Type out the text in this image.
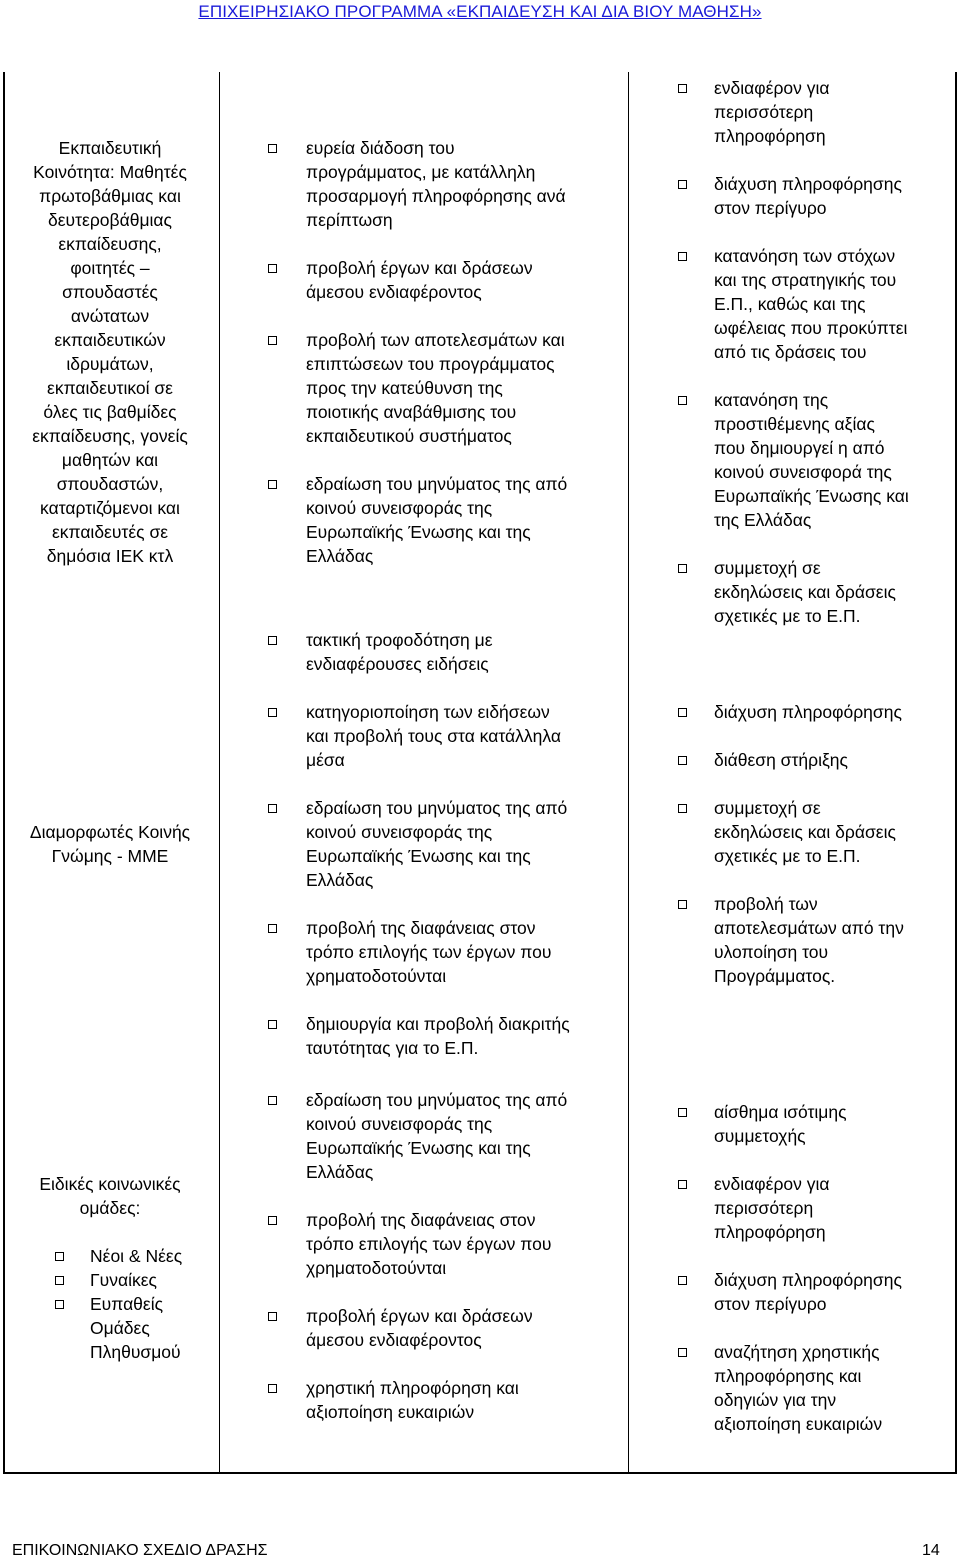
ΕΠΙΧΕΙΡΗΣΙΑΚΟ ΠΡΟΓΡΑΜΜΑ «ΕΚΠΑΙΔΕΥΣΗ ΚΑΙ ΔΙΑ ΒΙΟΥ ΜΑΘΗΣΗ»
Εκπαιδευτική
Κοινότητα: Μαθητές
πρωτοβάθμιας και
δευτεροβάθμιας
εκπαίδευσης,
φοιτητές –
σπουδαστές
ανώτατων
εκπαιδευτικών
ιδρυμάτων,
εκπαιδευτικοί σε
όλες τις βαθμίδες
εκπαίδευσης, γονείς
μαθητών και
σπουδαστών,
καταρτιζόμενοι και
εκπαιδευτές σε
δημόσια ΙΕΚ κτλ
ευρεία διάδοση του
προγράμματος, με κατάλληλη
προσαρμογή πληροφόρησης ανά
περίπτωση
προβολή έργων και δράσεων
άμεσου ενδιαφέροντος
προβολή των αποτελεσμάτων και
επιπτώσεων του προγράμματος
προς την κατεύθυνση της
ποιοτικής αναβάθμισης του
εκπαιδευτικού συστήματος
εδραίωση του μηνύματος της από
κοινού συνεισφοράς της
Ευρωπαϊκής Ένωσης και της
Ελλάδας
τακτική τροφοδότηση με
ενδιαφέρουσες ειδήσεις
ενδιαφέρον για
περισσότερη
πληροφόρηση
διάχυση πληροφόρησης
στον περίγυρο
κατανόηση των στόχων
και της στρατηγικής του
Ε.Π., καθώς και της
ωφέλειας που προκύπτει
από τις δράσεις του
κατανόηση της
προστιθέμενης αξίας
που δημιουργεί η από
κοινού συνεισφορά της
Ευρωπαϊκής Ένωσης και
της Ελλάδας
συμμετοχή σε
εκδηλώσεις και δράσεις
σχετικές με το Ε.Π.
Διαμορφωτές Κοινής
Γνώμης - ΜΜΕ
κατηγοριοποίηση των ειδήσεων
και προβολή τους στα κατάλληλα
μέσα
εδραίωση του μηνύματος της από
κοινού συνεισφοράς της
Ευρωπαϊκής Ένωσης και της
Ελλάδας
προβολή της διαφάνειας στον
τρόπο επιλογής των έργων που
χρηματοδοτούνται
δημιουργία και προβολή διακριτής
ταυτότητας για το Ε.Π.
διάχυση πληροφόρησης
διάθεση στήριξης
συμμετοχή σε
εκδηλώσεις και δράσεις
σχετικές με το Ε.Π.
προβολή των
αποτελεσμάτων από την
υλοποίηση του
Προγράμματος.
Ειδικές κοινωνικές
ομάδες:
Νέοι & Νέες
Γυναίκες
Ευπαθείς
Ομάδες
Πληθυσμού
εδραίωση του μηνύματος της από
κοινού συνεισφοράς της
Ευρωπαϊκής Ένωσης και της
Ελλάδας
προβολή της διαφάνειας στον
τρόπο επιλογής των έργων που
χρηματοδοτούνται
προβολή έργων και δράσεων
άμεσου ενδιαφέροντος
χρηστική πληροφόρηση και
αξιοποίηση ευκαιριών
αίσθημα ισότιμης
συμμετοχής
ενδιαφέρον για
περισσότερη
πληροφόρηση
διάχυση πληροφόρησης
στον περίγυρο
αναζήτηση χρηστικής
πληροφόρησης και
οδηγιών για την
αξιοποίηση ευκαιριών
ΕΠΙΚΟΙΝΩΝΙΑΚΟ ΣΧΕΔΙΟ ΔΡΑΣΗΣ	14
